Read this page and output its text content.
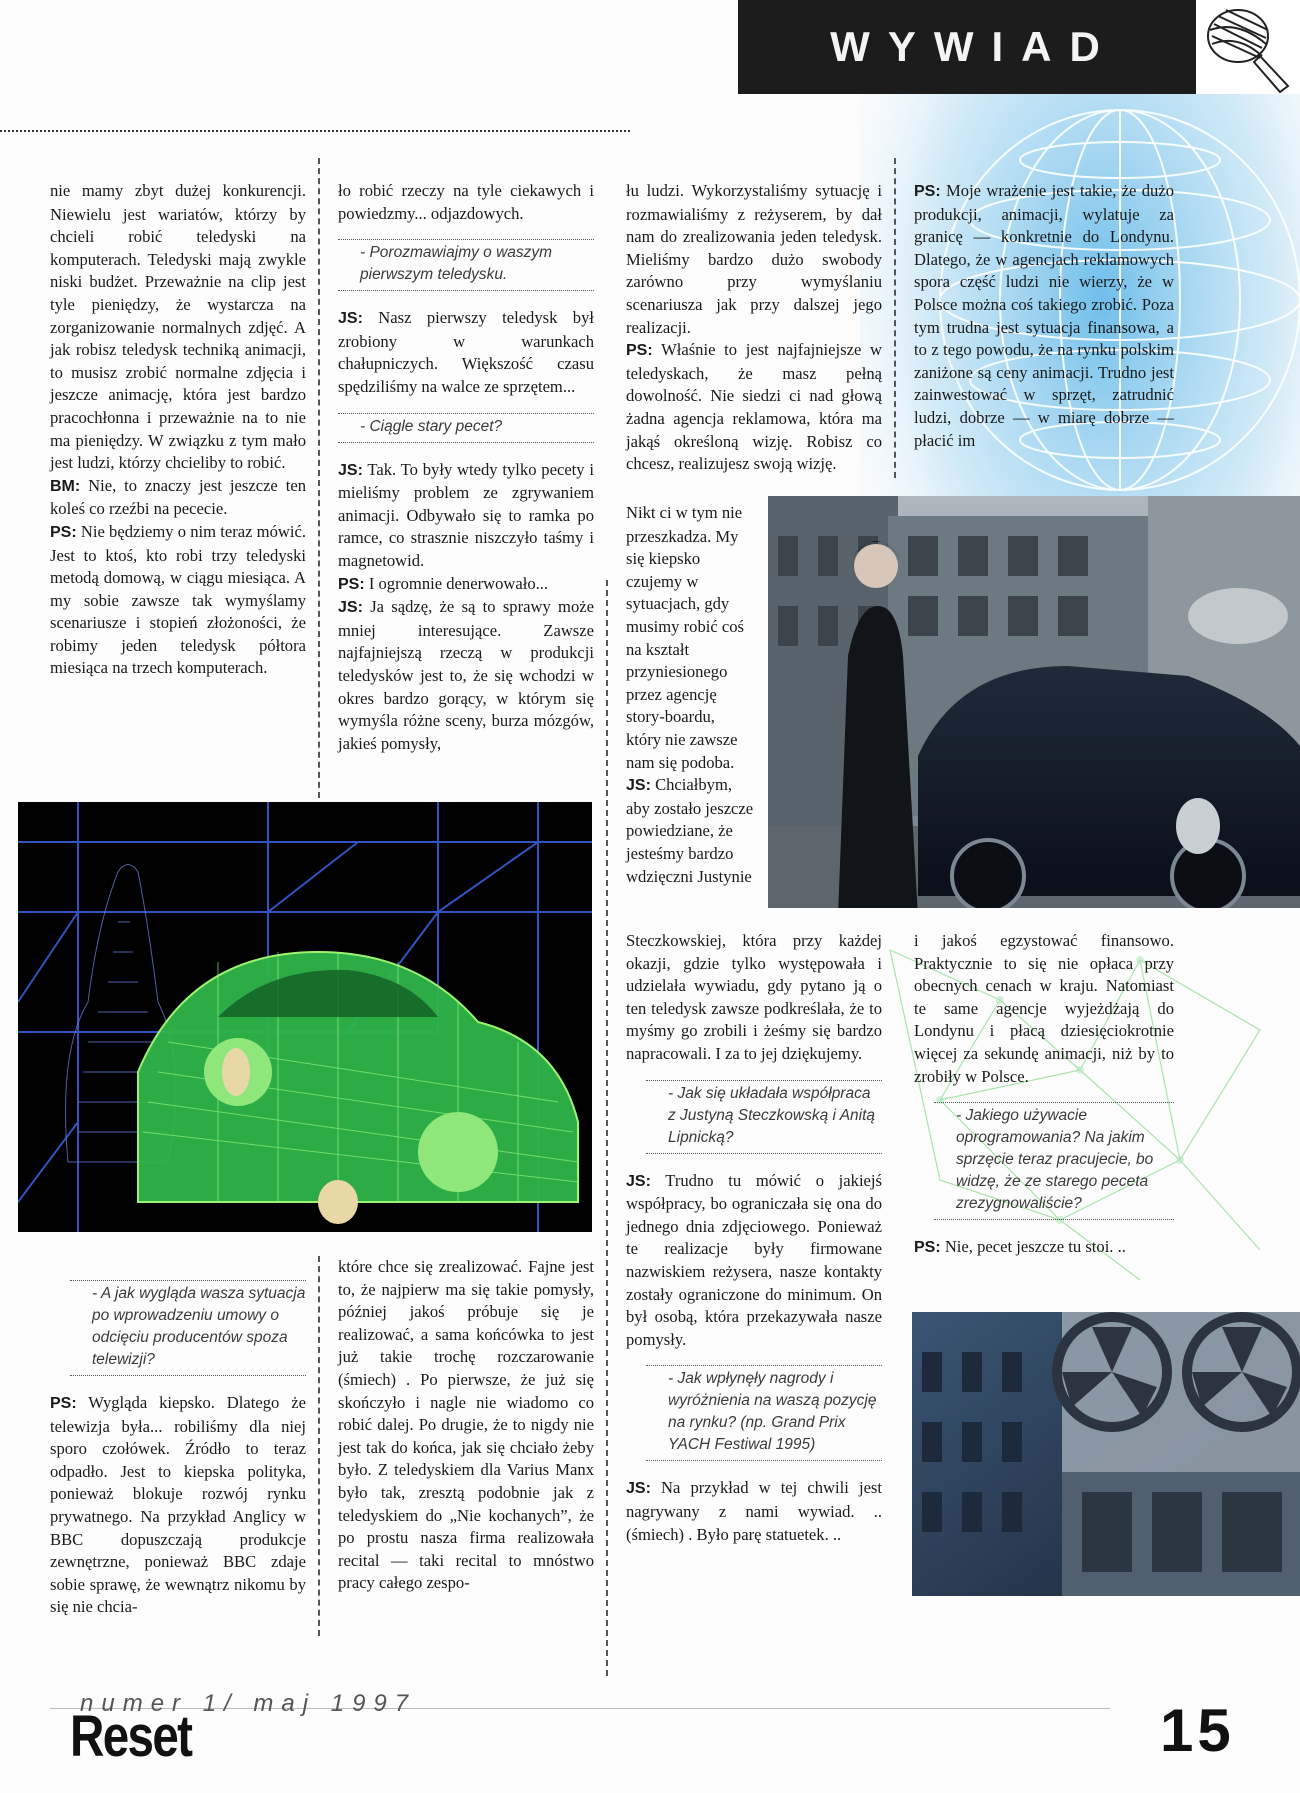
WYWIAD

nie mamy zbyt dużej konkurencji. Niewielu jest wariatów, którzy by chcieli robić teledyski na komputerach. Teledyski mają zwykle niski budżet. Przeważnie na clip jest tyle pieniędzy, że wystarcza na zorganizowanie normalnych zdjęć. A jak robisz teledysk techniką animacji, to musisz zrobić normalne zdjęcia i jeszcze animację, która jest bardzo pracochłonna i przeważnie na to nie ma pieniędzy. W związku z tym mało jest ludzi, którzy chcieliby to robić.

BM: Nie, to znaczy jest jeszcze ten koleś co rzeźbi na pececie.

PS: Nie będziemy o nim teraz mówić. Jest to ktoś, kto robi trzy teledyski metodą domową, w ciągu miesiąca. A my sobie zawsze tak wymyślamy scenariusze i stopień złożoności, że robimy jeden teledysk półtora miesiąca na trzech komputerach.

ło robić rzeczy na tyle ciekawych i powiedzmy... odjazdowych.

- Porozmawiajmy o waszym pierwszym teledysku.

JS: Nasz pierwszy teledysk był zrobiony w warunkach chałupniczych. Większość czasu spędziliśmy na walce ze sprzętem...

- Ciągle stary pecet?

JS: Tak. To były wtedy tylko pecety i mieliśmy problem ze zgrywaniem animacji. Odbywało się to ramka po ramce, co strasznie niszczyło taśmy i magnetowid.

PS: I ogromnie denerwowało...

JS: Ja sądzę, że są to sprawy może mniej interesujące. Zawsze najfajniejszą rzeczą w produkcji teledysków jest to, że się wchodzi w okres bardzo gorący, w którym się wymyśla różne sceny, burza mózgów, jakieś pomysły,

łu ludzi. Wykorzystaliśmy sytuację i rozmawialiśmy z reżyserem, by dał nam do zrealizowania jeden teledysk. Mieliśmy bardzo dużo swobody zarówno przy wymyślaniu scenariusza jak przy dalszej jego realizacji.

PS: Właśnie to jest najfajniejsze w teledyskach, że masz pełną dowolność. Nie siedzi ci nad głową żadna agencja reklamowa, która ma jakąś określoną wizję. Robisz co chcesz, realizujesz swoją wizję.

Nikt ci w tym nie przeszkadza. My się kiepsko czujemy w sytuacjach, gdy musimy robić coś na kształt przyniesionego przez agencję story-boardu, który nie zawsze nam się podoba.

JS: Chciałbym, aby zostało jeszcze powiedziane, że jesteśmy bardzo wdzięczni Justynie

PS: Moje wrażenie jest takie, że dużo produkcji, animacji, wylatuje za granicę — konkretnie do Londynu. Dlatego, że w agencjach reklamowych spora część ludzi nie wierzy, że w Polsce można coś takiego zrobić. Poza tym trudna jest sytuacja finansowa, a to z tego powodu, że na rynku polskim zaniżone są ceny animacji. Trudno jest zainwestować w sprzęt, zatrudnić ludzi, dobrze — w miarę dobrze — płacić im

Steczkowskiej, która przy każdej okazji, gdzie tylko występowała i udzielała wywiadu, gdy pytano ją o ten teledysk zawsze podkreślała, że to myśmy go zrobili i żeśmy się bardzo napracowali. I za to jej dziękujemy.

- Jak się układała współpraca z Justyną Steczkowską i Anitą Lipnicką?

JS: Trudno tu mówić o jakiejś współpracy, bo ograniczała się ona do jednego dnia zdjęciowego. Ponieważ te realizacje były firmowane nazwiskiem reżysera, nasze kontakty zostały ograniczone do minimum. On był osobą, która przekazywała nasze pomysły.

- Jak wpłynęły nagrody i wyróżnienia na waszą pozycję na rynku? (np. Grand Prix YACH Festiwal 1995)

JS: Na przykład w tej chwili jest nagrywany z nami wywiad. .. (śmiech) . Było parę statuetek. ..

i jakoś egzystować finansowo. Praktycznie to się nie opłaca przy obecnych cenach w kraju. Natomiast te same agencje wyjeżdżają do Londynu i płacą dziesięciokrotnie więcej za sekundę animacji, niż by to zrobiły w Polsce.

- Jakiego używacie oprogramowania? Na jakim sprzęcie teraz pracujecie, bo widzę, że ze starego peceta zrezygnowaliście?

PS: Nie, pecet jeszcze tu stoi. ..

- A jak wygląda wasza sytuacja po wprowadzeniu umowy o odcięciu producentów spoza telewizji?

PS: Wygląda kiepsko. Dlatego że telewizja była... robiliśmy dla niej sporo czołówek. Źródło to teraz odpadło. Jest to kiepska polityka, ponieważ blokuje rozwój rynku prywatnego. Na przykład Anglicy w BBC dopuszczają produkcje zewnętrzne, ponieważ BBC zdaje sobie sprawę, że wewnątrz nikomu by się nie chcia-

które chce się zrealizować. Fajne jest to, że najpierw ma się takie pomysły, później jakoś próbuje się je realizować, a sama końcówka to jest już takie trochę rozczarowanie (śmiech) . Po pierwsze, że już się skończyło i nagle nie wiadomo co robić dalej. Po drugie, że to nigdy nie jest tak do końca, jak się chciało żeby było. Z teledyskiem dla Varius Manx było tak, zresztą podobnie jak z teledyskiem do „Nie kochanych”, że po prostu nasza firma realizowała recital — taki recital to mnóstwo pracy całego zespo-

numer 1/ maj 1997
Reset	15
